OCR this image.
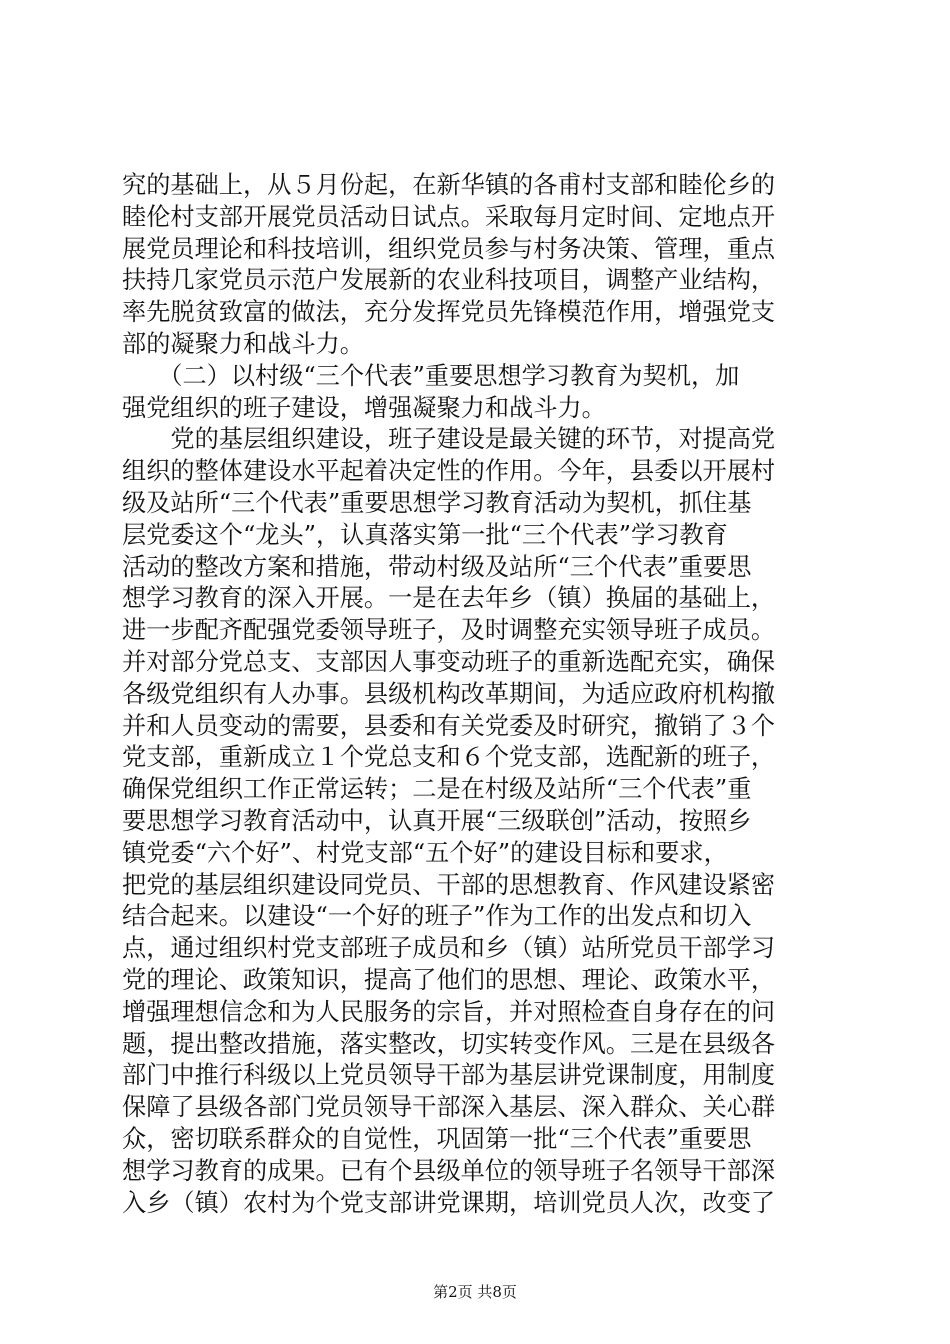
究的基础上，从５月份起，在新华镇的各甫村支部和睦伦乡的
睦伦村支部开展党员活动日试点。采取每月定时间、定地点开
展党员理论和科技培训，组织党员参与村务决策、管理，重点
扶持几家党员示范户发展新的农业科技项目，调整产业结构，
率先脱贫致富的做法，充分发挥党员先锋模范作用，增强党支
部的凝聚力和战斗力。
　　（二）以村级“三个代表”重要思想学习教育为契机，加
强党组织的班子建设，增强凝聚力和战斗力。
　　党的基层组织建设，班子建设是最关键的环节，对提高党
组织的整体建设水平起着决定性的作用。今年，县委以开展村
级及站所“三个代表”重要思想学习教育活动为契机，抓住基
层党委这个“龙头”，认真落实第一批“三个代表”学习教育
活动的整改方案和措施，带动村级及站所“三个代表”重要思
想学习教育的深入开展。一是在去年乡（镇）换届的基础上，
进一步配齐配强党委领导班子，及时调整充实领导班子成员。
并对部分党总支、支部因人事变动班子的重新选配充实，确保
各级党组织有人办事。县级机构改革期间，为适应政府机构撤
并和人员变动的需要，县委和有关党委及时研究，撤销了３个
党支部，重新成立１个党总支和６个党支部，选配新的班子，
确保党组织工作正常运转；二是在村级及站所“三个代表”重
要思想学习教育活动中，认真开展“三级联创”活动，按照乡
镇党委“六个好”、村党支部“五个好”的建设目标和要求，
把党的基层组织建设同党员、干部的思想教育、作风建设紧密
结合起来。以建设“一个好的班子”作为工作的出发点和切入
点，通过组织村党支部班子成员和乡（镇）站所党员干部学习
党的理论、政策知识，提高了他们的思想、理论、政策水平，
增强理想信念和为人民服务的宗旨，并对照检查自身存在的问
题，提出整改措施，落实整改，切实转变作风。三是在县级各
部门中推行科级以上党员领导干部为基层讲党课制度，用制度
保障了县级各部门党员领导干部深入基层、深入群众、关心群
众，密切联系群众的自觉性，巩固第一批“三个代表”重要思
想学习教育的成果。已有个县级单位的领导班子名领导干部深
入乡（镇）农村为个党支部讲党课期，培训党员人次，改变了
第2页 共8页
